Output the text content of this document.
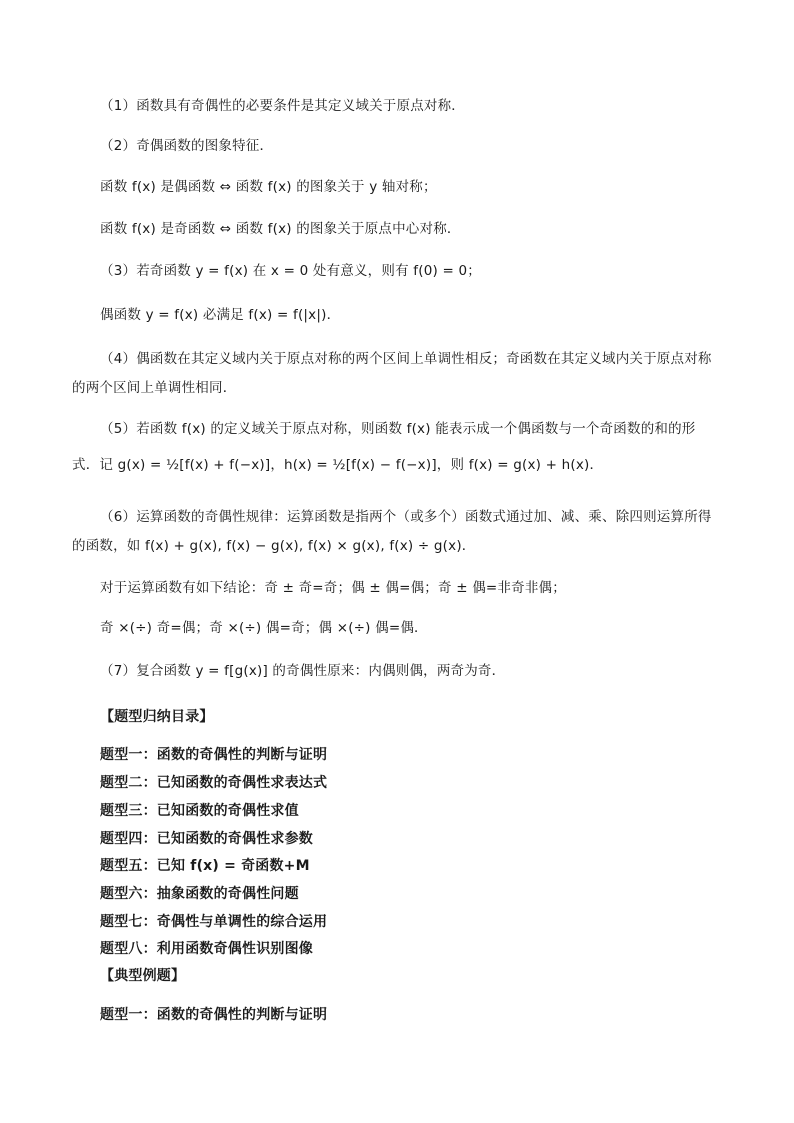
（1）函数具有奇偶性的必要条件是其定义域关于原点对称．
（2）奇偶函数的图象特征．
函数 f(x) 是偶函数 ⇔ 函数 f(x) 的图象关于 y 轴对称；
函数 f(x) 是奇函数 ⇔ 函数 f(x) 的图象关于原点中心对称．
（3）若奇函数 y = f(x) 在 x = 0 处有意义，则有 f(0) = 0；
偶函数 y = f(x) 必满足 f(x) = f(|x|)．
（4）偶函数在其定义域内关于原点对称的两个区间上单调性相反；奇函数在其定义域内关于原点对称
的两个区间上单调性相同．
（5）若函数 f(x) 的定义域关于原点对称，则函数 f(x) 能表示成一个偶函数与一个奇函数的和的形
式．记 g(x) = ½[f(x) + f(−x)]，h(x) = ½[f(x) − f(−x)]，则 f(x) = g(x) + h(x)．
（6）运算函数的奇偶性规律：运算函数是指两个（或多个）函数式通过加、减、乘、除四则运算所得
的函数，如 f(x) + g(x), f(x) − g(x), f(x) × g(x), f(x) ÷ g(x)．
对于运算函数有如下结论：奇 ± 奇=奇；偶 ± 偶=偶；奇 ± 偶=非奇非偶；
奇 ×(÷) 奇=偶；奇 ×(÷) 偶=奇；偶 ×(÷) 偶=偶．
（7）复合函数 y = f[g(x)] 的奇偶性原来：内偶则偶，两奇为奇．
【题型归纳目录】
题型一：函数的奇偶性的判断与证明
题型二：已知函数的奇偶性求表达式
题型三：已知函数的奇偶性求值
题型四：已知函数的奇偶性求参数
题型五：已知 f(x) = 奇函数+M
题型六：抽象函数的奇偶性问题
题型七：奇偶性与单调性的综合运用
题型八：利用函数奇偶性识别图像
【典型例题】
题型一：函数的奇偶性的判断与证明
